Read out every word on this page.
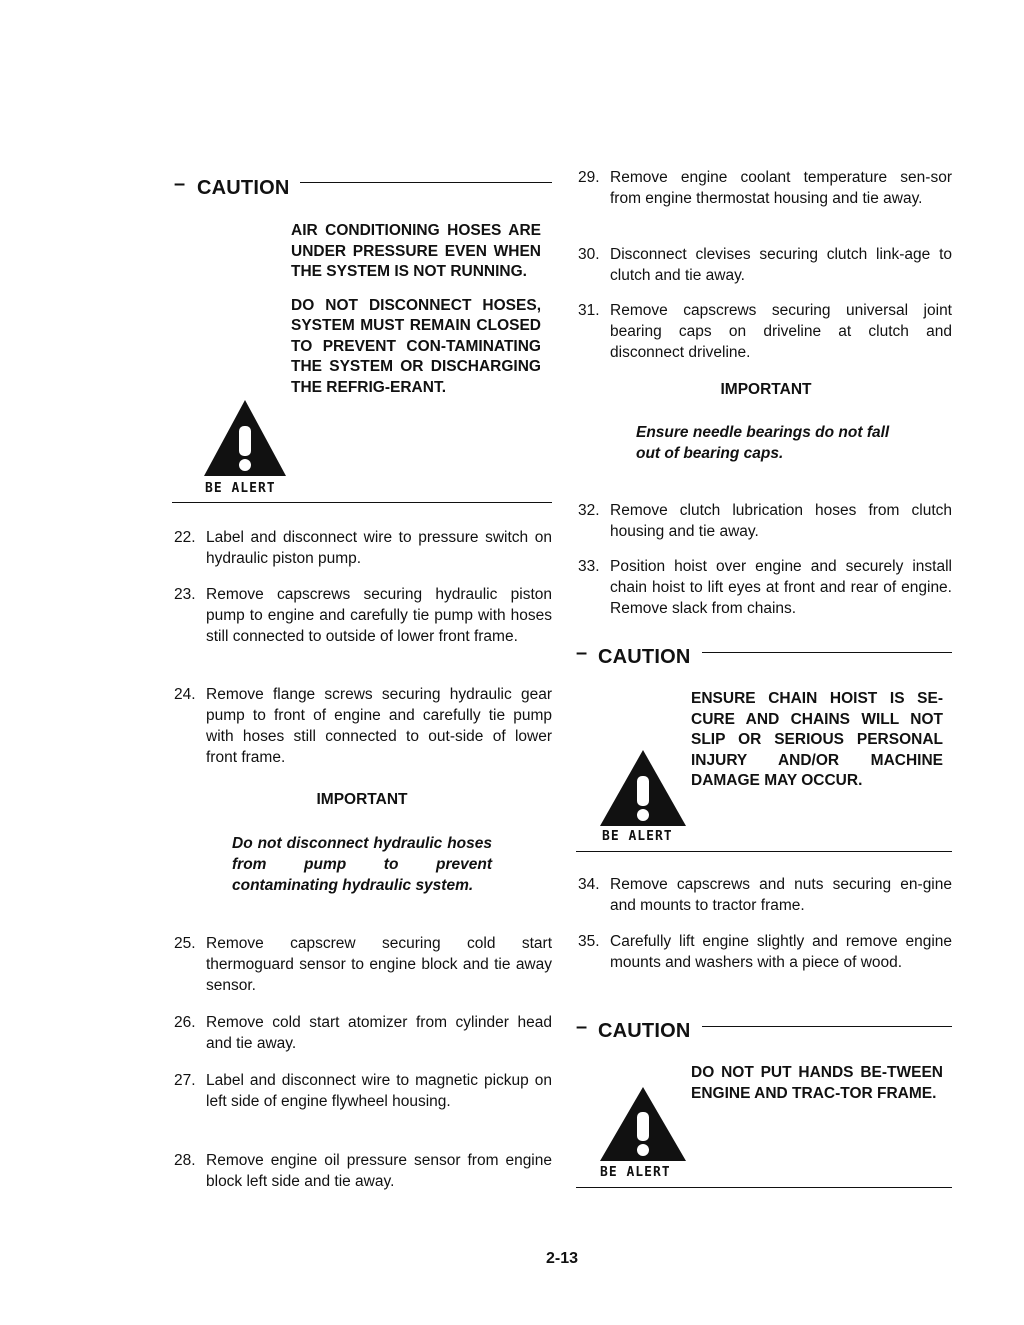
– CAUTION

AIR CONDITIONING HOSES ARE UNDER PRESSURE EVEN WHEN THE SYSTEM IS NOT RUNNING.

DO NOT DISCONNECT HOSES, SYSTEM MUST REMAIN CLOSED TO PREVENT CON-TAMINATING THE SYSTEM OR DISCHARGING THE REFRIG-ERANT.

BE ALERT
22. Label and disconnect wire to pressure switch on hydraulic piston pump.
23. Remove capscrews securing hydraulic piston pump to engine and carefully tie pump with hoses still connected to outside of lower front frame.
24. Remove flange screws securing hydraulic gear pump to front of engine and carefully tie pump with hoses still connected to out-side of lower front frame.
IMPORTANT
Do not disconnect hydraulic hoses from pump to prevent contaminating hydraulic system.
25. Remove capscrew securing cold start thermoguard sensor to engine block and tie away sensor.
26. Remove cold start atomizer from cylinder head and tie away.
27. Label and disconnect wire to magnetic pickup on left side of engine flywheel housing.
28. Remove engine oil pressure sensor from engine block left side and tie away.
29. Remove engine coolant temperature sen-sor from engine thermostat housing and tie away.
30. Disconnect clevises securing clutch link-age to clutch and tie away.
31. Remove capscrews securing universal joint bearing caps on driveline at clutch and disconnect driveline.
IMPORTANT
Ensure needle bearings do not fall out of bearing caps.
32. Remove clutch lubrication hoses from clutch housing and tie away.
33. Position hoist over engine and securely install chain hoist to lift eyes at front and rear of engine. Remove slack from chains.
– CAUTION
ENSURE CHAIN HOIST IS SE-CURE AND CHAINS WILL NOT SLIP OR SERIOUS PERSONAL INJURY AND/OR MACHINE DAMAGE MAY OCCUR.
BE ALERT
34. Remove capscrews and nuts securing en-gine and mounts to tractor frame.
35. Carefully lift engine slightly and remove engine mounts and washers with a piece of wood.
– CAUTION
DO NOT PUT HANDS BE-TWEEN ENGINE AND TRAC-TOR FRAME.
BE ALERT
2-13
